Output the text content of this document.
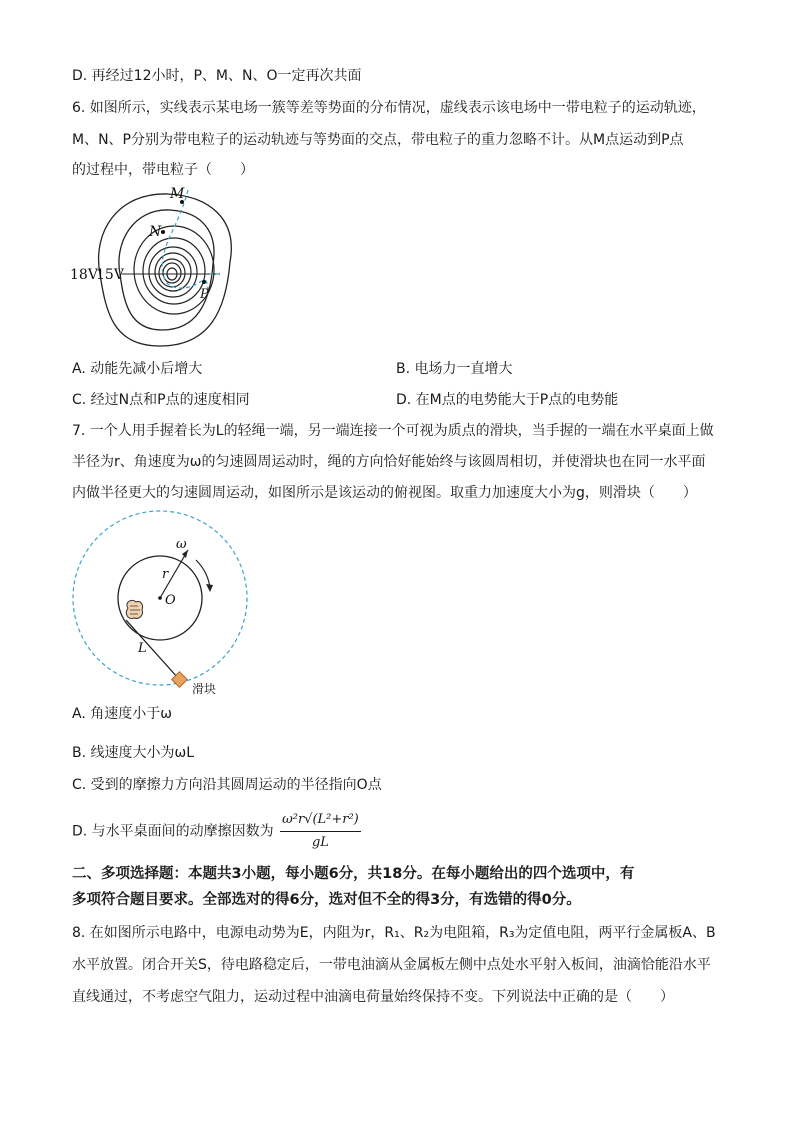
D. 再经过12小时，P、M、N、O一定再次共面
6. 如图所示，实线表示某电场一簇等差等势面的分布情况，虚线表示该电场中一带电粒子的运动轨迹，
M、N、P分别为带电粒子的运动轨迹与等势面的交点，带电粒子的重力忽略不计。从M点运动到P点
的过程中，带电粒子（　　）
M
N
P
18V
15V
A. 动能先减小后增大	B. 电场力一直增大
C. 经过N点和P点的速度相同	D. 在M点的电势能大于P点的电势能
7. 一个人用手握着长为L的轻绳一端，另一端连接一个可视为质点的滑块，当手握的一端在水平桌面上做
半径为r、角速度为ω的匀速圆周运动时，绳的方向恰好能始终与该圆周相切，并使滑块也在同一水平面
内做半径更大的匀速圆周运动，如图所示是该运动的俯视图。取重力加速度大小为g，则滑块（　　）
ω
r
O
L
滑块
A. 角速度小于ω
B. 线速度大小为ωL
C. 受到的摩擦力方向沿其圆周运动的半径指向O点
D. 与水平桌面间的动摩擦因数为 $\frac{\text{ω²r√(L²+r²)}}{gL}$
二、多项选择题：本题共3小题，每小题6分，共18分。在每小题给出的四个选项中，有
多项符合题目要求。全部选对的得6分，选对但不全的得3分，有选错的得0分。
8. 在如图所示电路中，电源电动势为E，内阻为r，R₁、R₂为电阻箱，R₃为定值电阻，两平行金属板A、B
水平放置。闭合开关S，待电路稳定后，一带电油滴从金属板左侧中点处水平射入板间，油滴恰能沿水平
直线通过，不考虑空气阻力，运动过程中油滴电荷量始终保持不变。下列说法中正确的是（　　）
